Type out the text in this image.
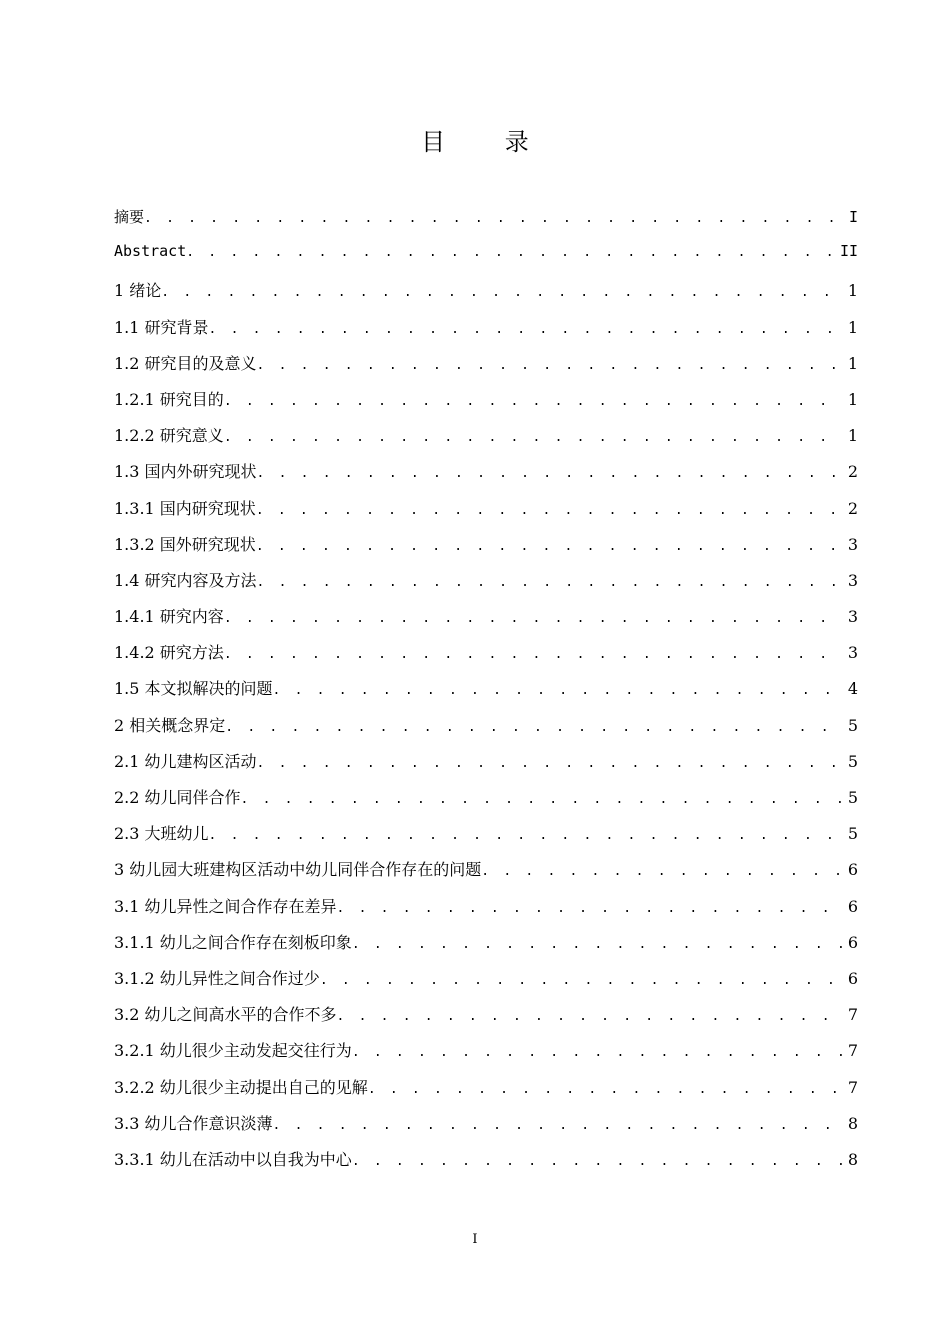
目 录
摘要 . . .	I
Abstract . . .	II
1 绪论 . . .	1
1.1 研究背景 . . .	1
1.2 研究目的及意义 . . .	1
1.2.1 研究目的 . . .	1
1.2.2 研究意义 . . .	1
1.3 国内外研究现状 . . .	2
1.3.1 国内研究现状 . . .	2
1.3.2 国外研究现状 . . .	3
1.4 研究内容及方法 . . .	3
1.4.1 研究内容 . . .	3
1.4.2 研究方法 . . .	3
1.5 本文拟解决的问题 . . .	4
2 相关概念界定 . . .	5
2.1 幼儿建构区活动 . . .	5
2.2 幼儿同伴合作 . . .	5
2.3 大班幼儿 . . .	5
3 幼儿园大班建构区活动中幼儿同伴合作存在的问题 . . .	6
3.1 幼儿异性之间合作存在差异 . . .	6
3.1.1 幼儿之间合作存在刻板印象 . . .	6
3.1.2 幼儿异性之间合作过少 . . .	6
3.2 幼儿之间高水平的合作不多 . . .	7
3.2.1 幼儿很少主动发起交往行为 . . .	7
3.2.2 幼儿很少主动提出自己的见解 . . .	7
3.3 幼儿合作意识淡薄 . . .	8
3.3.1 幼儿在活动中以自我为中心 . . .	8
I
